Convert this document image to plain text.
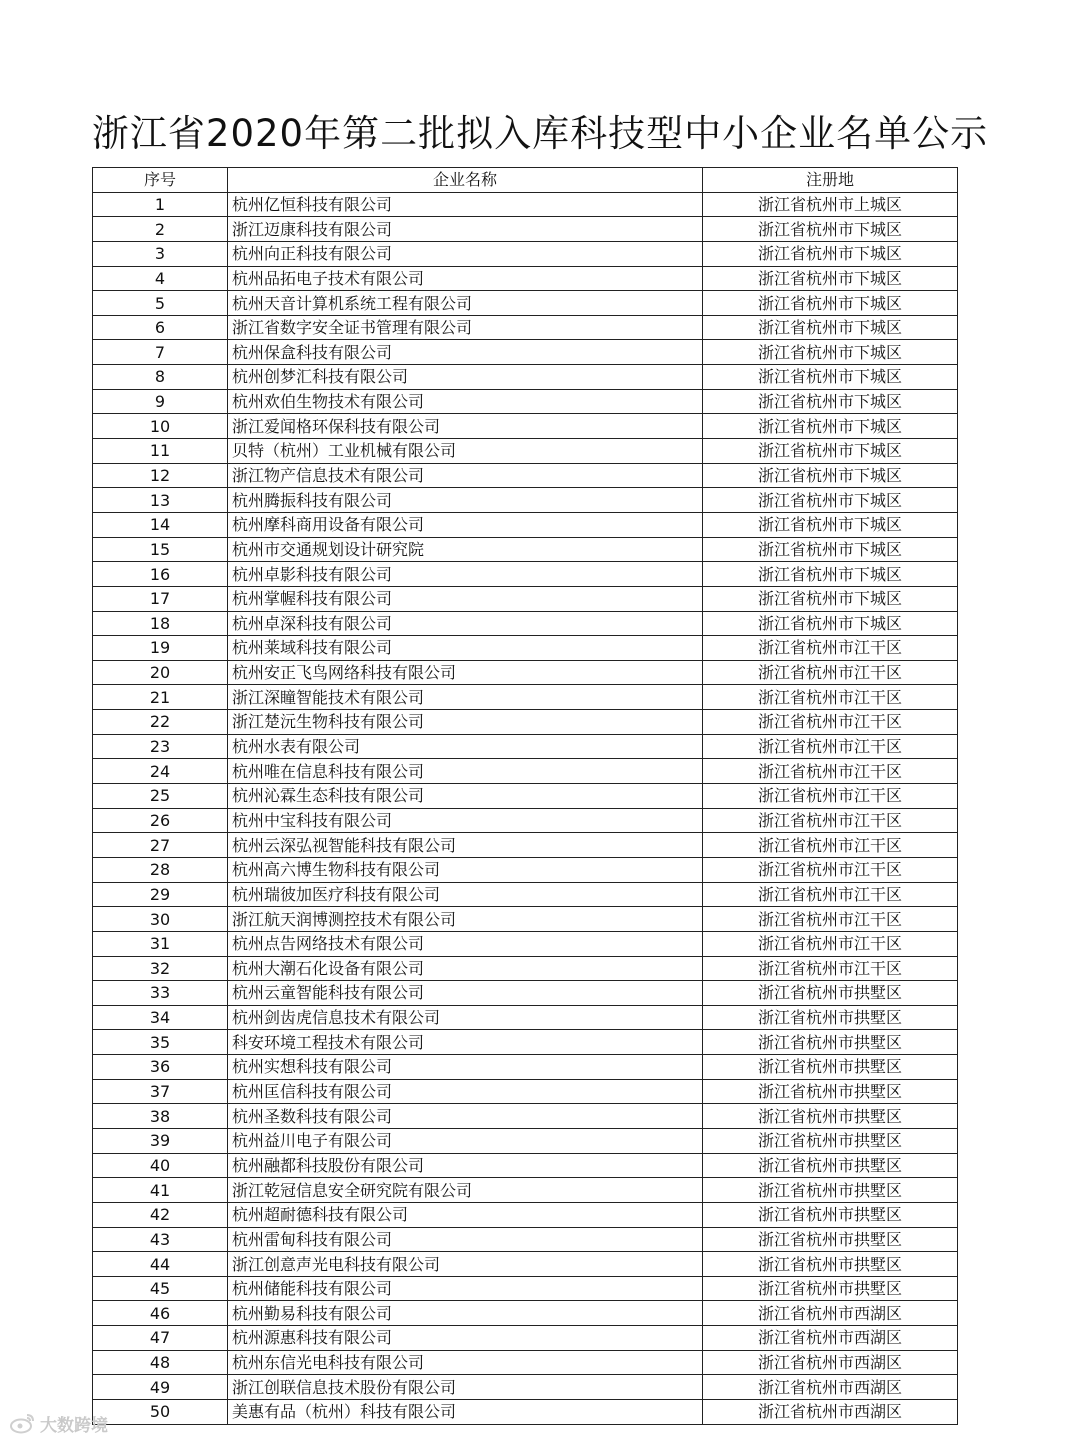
浙江省2020年第二批拟入库科技型中小企业名单公示
序号	企业名称	注册地
1	杭州亿恒科技有限公司	浙江省杭州市上城区
2	浙江迈康科技有限公司	浙江省杭州市下城区
3	杭州向正科技有限公司	浙江省杭州市下城区
4	杭州品拓电子技术有限公司	浙江省杭州市下城区
5	杭州天音计算机系统工程有限公司	浙江省杭州市下城区
6	浙江省数字安全证书管理有限公司	浙江省杭州市下城区
7	杭州保盒科技有限公司	浙江省杭州市下城区
8	杭州创梦汇科技有限公司	浙江省杭州市下城区
9	杭州欢伯生物技术有限公司	浙江省杭州市下城区
10	浙江爱闻格环保科技有限公司	浙江省杭州市下城区
11	贝特（杭州）工业机械有限公司	浙江省杭州市下城区
12	浙江物产信息技术有限公司	浙江省杭州市下城区
13	杭州腾振科技有限公司	浙江省杭州市下城区
14	杭州摩科商用设备有限公司	浙江省杭州市下城区
15	杭州市交通规划设计研究院	浙江省杭州市下城区
16	杭州卓影科技有限公司	浙江省杭州市下城区
17	杭州掌幄科技有限公司	浙江省杭州市下城区
18	杭州卓深科技有限公司	浙江省杭州市下城区
19	杭州莱域科技有限公司	浙江省杭州市江干区
20	杭州安正飞鸟网络科技有限公司	浙江省杭州市江干区
21	浙江深瞳智能技术有限公司	浙江省杭州市江干区
22	浙江楚沅生物科技有限公司	浙江省杭州市江干区
23	杭州水表有限公司	浙江省杭州市江干区
24	杭州唯在信息科技有限公司	浙江省杭州市江干区
25	杭州沁霖生态科技有限公司	浙江省杭州市江干区
26	杭州中宝科技有限公司	浙江省杭州市江干区
27	杭州云深弘视智能科技有限公司	浙江省杭州市江干区
28	杭州高六博生物科技有限公司	浙江省杭州市江干区
29	杭州瑞彼加医疗科技有限公司	浙江省杭州市江干区
30	浙江航天润博测控技术有限公司	浙江省杭州市江干区
31	杭州点告网络技术有限公司	浙江省杭州市江干区
32	杭州大潮石化设备有限公司	浙江省杭州市江干区
33	杭州云童智能科技有限公司	浙江省杭州市拱墅区
34	杭州剑齿虎信息技术有限公司	浙江省杭州市拱墅区
35	科安环境工程技术有限公司	浙江省杭州市拱墅区
36	杭州实想科技有限公司	浙江省杭州市拱墅区
37	杭州匡信科技有限公司	浙江省杭州市拱墅区
38	杭州圣数科技有限公司	浙江省杭州市拱墅区
39	杭州益川电子有限公司	浙江省杭州市拱墅区
40	杭州融都科技股份有限公司	浙江省杭州市拱墅区
41	浙江乾冠信息安全研究院有限公司	浙江省杭州市拱墅区
42	杭州超耐德科技有限公司	浙江省杭州市拱墅区
43	杭州雷甸科技有限公司	浙江省杭州市拱墅区
44	浙江创意声光电科技有限公司	浙江省杭州市拱墅区
45	杭州储能科技有限公司	浙江省杭州市拱墅区
46	杭州勤易科技有限公司	浙江省杭州市西湖区
47	杭州源惠科技有限公司	浙江省杭州市西湖区
48	杭州东信光电科技有限公司	浙江省杭州市西湖区
49	浙江创联信息技术股份有限公司	浙江省杭州市西湖区
50	美惠有品（杭州）科技有限公司	浙江省杭州市西湖区
大数跨境
